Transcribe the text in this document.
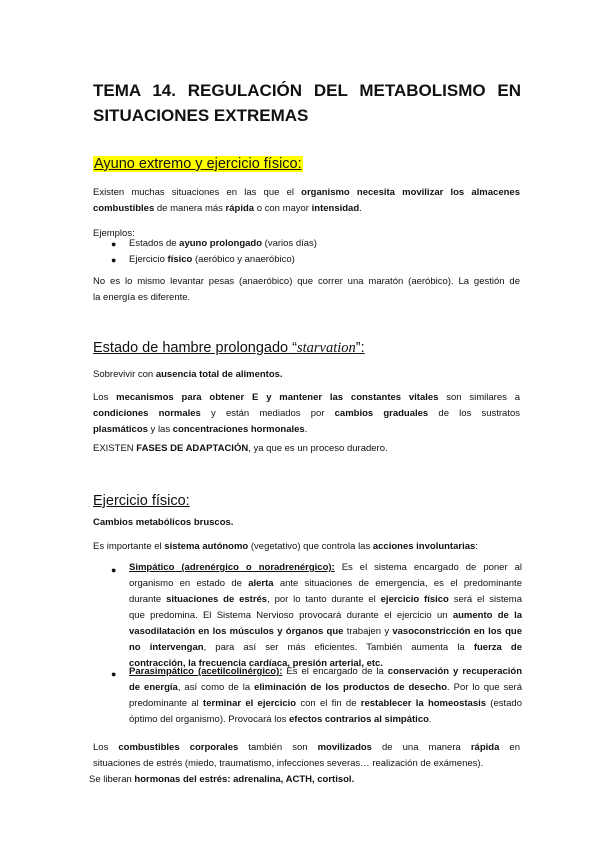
TEMA 14. REGULACIÓN DEL METABOLISMO EN
SITUACIONES EXTREMAS
Ayuno extremo y ejercicio físico:
Existen muchas situaciones en las que el organismo necesita movilizar los almacenes
combustibles de manera más rápida o con mayor intensidad.
Ejemplos:
● Estados de ayuno prolongado (varios días)
● Ejercicio físico (aeróbico y anaeróbico)
No es lo mismo levantar pesas (anaeróbico) que correr una maratón (aeróbico). La gestión de
la energía es diferente.
Estado de hambre prolongado “starvation”:
Sobrevivir con ausencia total de alimentos.
Los mecanismos para obtener E y mantener las constantes vitales son similares a
condiciones normales y están mediados por cambios graduales de los sustratos
plasmáticos y las concentraciones hormonales.
EXISTEN FASES DE ADAPTACIÓN, ya que es un proceso duradero.
Ejercicio físico:
Cambios metabólicos bruscos.
Es importante el sistema autónomo (vegetativo) que controla las acciones involuntarias:
● Simpático (adrenérgico o noradrenérgico): Es el sistema encargado de poner al
organismo en estado de alerta ante situaciones de emergencia, es el predominante
durante situaciones de estrés, por lo tanto durante el ejercicio físico será el sistema
que predomina. El Sistema Nervioso provocará durante el ejercicio un aumento de la
vasodilatación en los músculos y órganos que trabajen y vasoconstricción en los que
no intervengan, para así ser más eficientes. También aumenta la fuerza de
contracción, la frecuencia cardíaca, presión arterial, etc.
● Parasimpático (acetilcolinérgico): Es el encargado de la conservación y recuperación
de energía, así como de la eliminación de los productos de desecho. Por lo que será
predominante al terminar el ejercicio con el fin de restablecer la homeostasis (estado
óptimo del organismo). Provocará los efectos contrarios al simpático.
Los combustibles corporales también son movilizados de una manera rápida en
situaciones de estrés (miedo, traumatismo, infecciones severas… realización de exámenes).
Se liberan hormonas del estrés: adrenalina, ACTH, cortisol.
